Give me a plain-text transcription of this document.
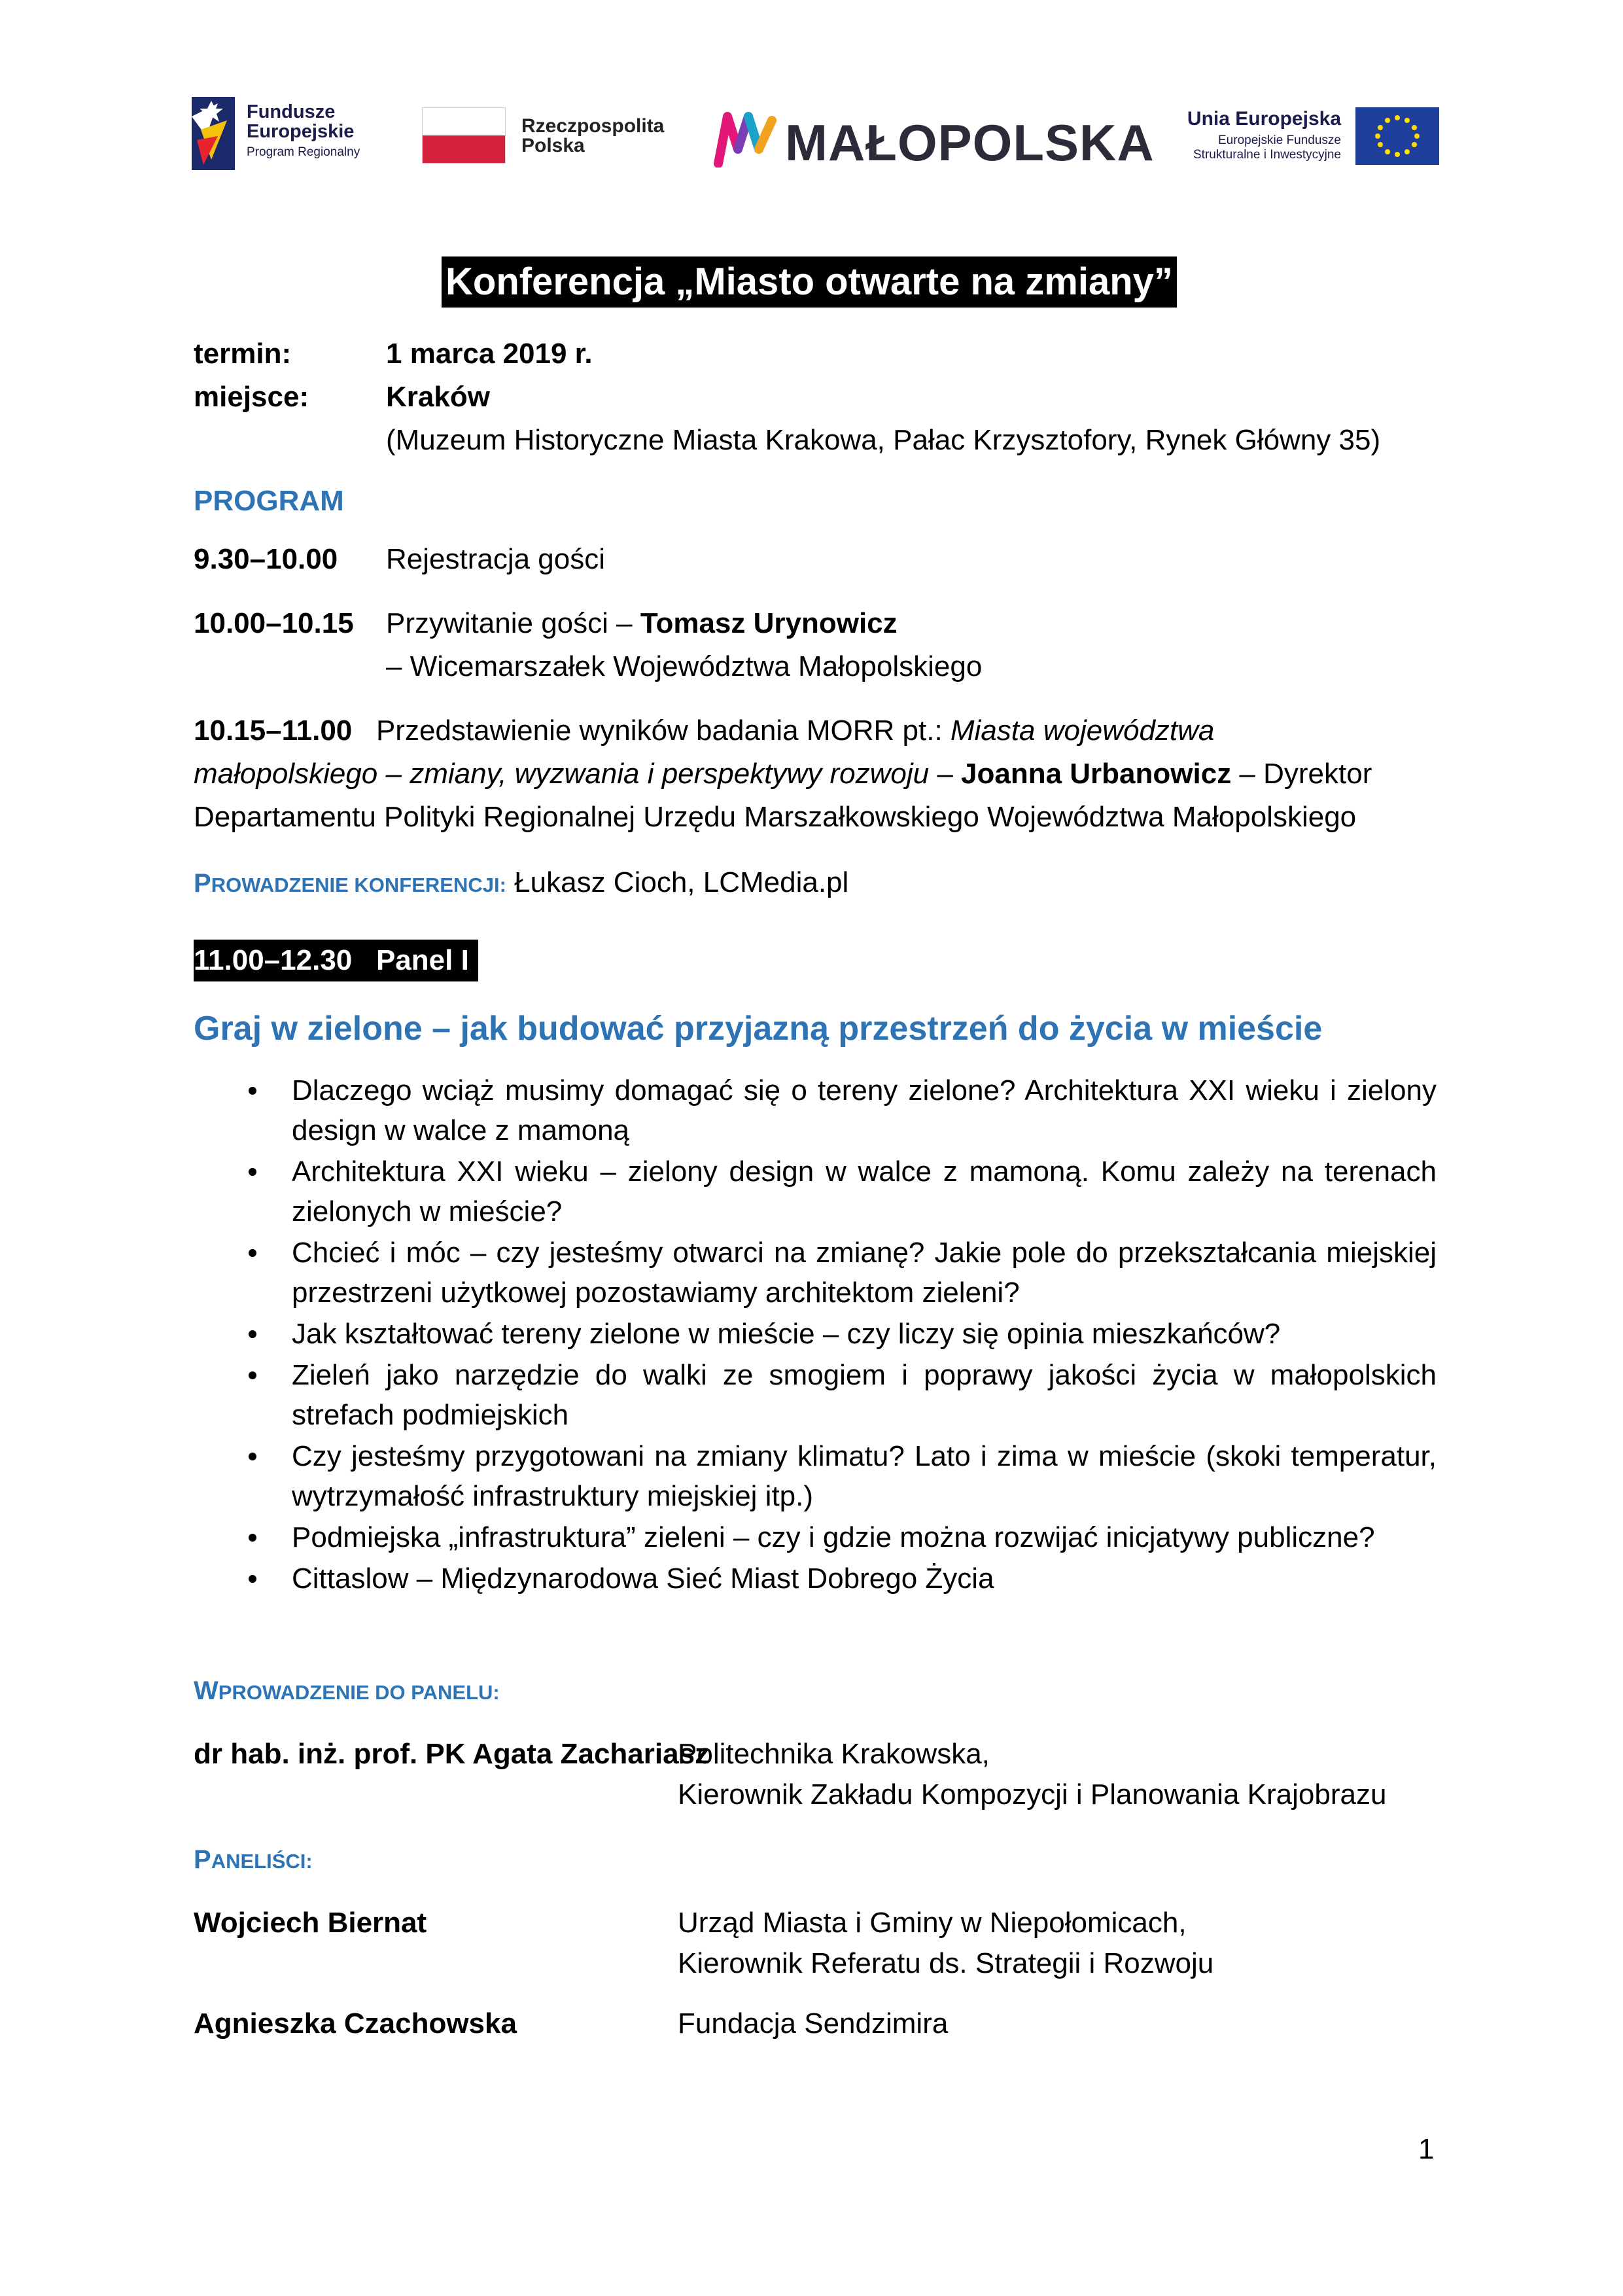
Fundusze
Europejskie
Program Regionalny
Rzeczpospolita
Polska	MAŁOPOLSKA Unia Europejska
Europejskie Fundusze
Strukturalne i Inwestycyjne
Konferencja „Miasto otwarte na zmiany”
termin:	1 marca 2019 r.
miejsce:	Kraków
(Muzeum Historyczne Miasta Krakowa, Pałac Krzysztofory, Rynek Główny 35)
PROGRAM
9.30–10.00 Rejestracja gości
10.00–10.15 Przywitanie gości – Tomasz Urynowicz
– Wicemarszałek Województwa Małopolskiego
10.15–11.00 Przedstawienie wyników badania MORR pt.: Miasta województwa
małopolskiego – zmiany, wyzwania i perspektywy rozwoju – Joanna Urbanowicz – Dyrektor
Departamentu Polityki Regionalnej Urzędu Marszałkowskiego Województwa Małopolskiego
PROWADZENIE KONFERENCJI: Łukasz Cioch, LCMedia.pl
11.00–12.30 Panel I
Graj w zielone – jak budować przyjazną przestrzeń do życia w mieście
Dlaczego wciąż musimy domagać się o tereny zielone? Architektura XXI wieku i zielony design w walce z mamoną
Architektura XXI wieku – zielony design w walce z mamoną. Komu zależy na terenach zielonych w mieście?
Chcieć i móc – czy jesteśmy otwarci na zmianę? Jakie pole do przekształcania miejskiej przestrzeni użytkowej pozostawiamy architektom zieleni?
Jak kształtować tereny zielone w mieście – czy liczy się opinia mieszkańców?
Zieleń jako narzędzie do walki ze smogiem i poprawy jakości życia w małopolskich strefach podmiejskich
Czy jesteśmy przygotowani na zmiany klimatu? Lato i zima w mieście (skoki temperatur, wytrzymałość infrastruktury miejskiej itp.)
Podmiejska „infrastruktura” zieleni – czy i gdzie można rozwijać inicjatywy publiczne?
Cittaslow – Międzynarodowa Sieć Miast Dobrego Życia
WPROWADZENIE DO PANELU:
dr hab. inż. prof. PK Agata Zachariasz
Politechnika Krakowska,
Kierownik Zakładu Kompozycji i Planowania Krajobrazu
PANELIŚCI:
Wojciech Biernat	Urząd Miasta i Gminy w Niepołomicach,
Kierownik Referatu ds. Strategii i Rozwoju
Agnieszka Czachowska	Fundacja Sendzimira
1
